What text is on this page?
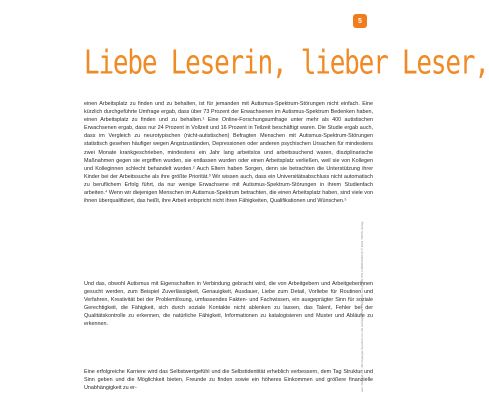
5
Liebe Leserin, lieber Leser,

einen Arbeitsplatz zu finden und zu behalten, ist für jemanden mit Autismus-Spektrum-Störungen nicht einfach. Eine kürzlich durchgeführte Umfrage ergab, dass über 73 Prozent der Erwachsenen im Autismus-Spektrum Bedenken haben, einen Arbeitsplatz zu finden und zu behalten.¹ Eine Online-Forschungsumfrage unter mehr als 400 autistischen Erwachsenen ergab, dass nur 24 Prozent in Vollzeit und 16 Prozent in Teilzeit beschäftigt waren. Die Studie ergab auch, dass im Vergleich zu neurotypischen (nicht-autistischen) Befragten Menschen mit Autismus-Spektrum-Störungen statistisch gesehen häufiger wegen Angstzuständen, Depressionen oder anderen psychischen Ursachen für mindestens zwei Monate krankgeschrieben, mindestens ein Jahr lang arbeitslos und arbeitssuchend waren, disziplinarische Maßnahmen gegen sie ergriffen wurden, sie entlassen wurden oder einen Arbeitsplatz verließen, weil sie von Kollegen und Kolleginnen schlecht behandelt wurden.² Auch Eltern haben Sorgen, denn sie betrachten die Unterstützung ihrer Kinder bei der Arbeitssuche als ihre größte Priorität.³ Wir wissen auch, dass ein Universitätsabschluss nicht automatisch zu beruflichem Erfolg führt, da nur wenige Erwachsene mit Autismus-Spektrum-Störungen in ihrem Studienfach arbeiten.⁴ Wenn wir diejenigen Menschen im Autismus-Spektrum betrachten, die einen Arbeitsplatz haben, sind viele von ihnen überqualifiziert, das heißt, ihre Arbeit entspricht nicht ihren Fähigkeiten, Qualifikationen und Wünschen.⁵

Und das, obwohl Autismus mit Eigenschaften in Verbindung gebracht wird, die von Arbeitgebern und Arbeitgeberinnen gesucht werden, zum Beispiel Zuverlässigkeit, Genauigkeit, Ausdauer, Liebe zum Detail, Vorliebe für Routinen und Verfahren, Kreativität bei der Problemlösung, umfassendes Fakten- und Fachwissen, ein ausgeprägter Sinn für soziale Gerechtigkeit, die Fähigkeit, sich durch soziale Kontakte nicht ablenken zu lassen, das Talent, Fehler bei der Qualitätskontrolle zu erkennen, die natürliche Fähigkeit, Informationen zu katalogisieren und Muster und Abläufe zu erkennen.

Eine erfolgreiche Karriere wird das Selbstwertgefühl und die Selbstidentität erheblich verbessern, dem Tag Struktur und Sinn geben und die Möglichkeit bieten, Freunde zu finden sowie ein höheres Einkommen und größere finanzielle Unabhängigkeit zu er-	aus: Attwood u.a., Mit Asperger-Syndrom im Job zufrieden und erfolgreich sein (ISBN 978-3-8080-0922-8) © 2024 TRIAS Verlag
